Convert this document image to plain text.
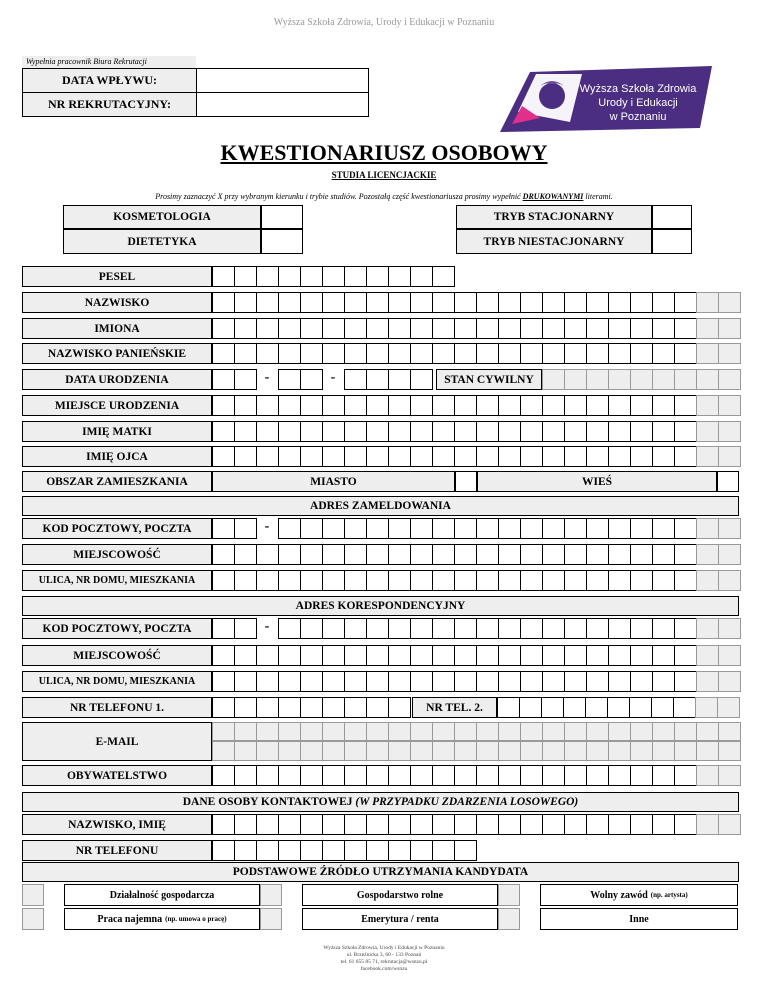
Wyższa Szkoła Zdrowia, Urody i Edukacji w Poznaniu
Wypełnia pracownik Biura Rekrutacji
DATA WPŁYWU:
NR REKRUTACYJNY:
Wyższa Szkoła Zdrowia
Urody i Edukacji
w Poznaniu
KWESTIONARIUSZ OSOBOWY
STUDIA LICENCJACKIE
Prosimy zaznaczyć X przy wybranym kierunku i trybie studiów. Pozostałą część kwestionariusza prosimy wypełnić DRUKOWANYMI literami.
KOSMETOLOGIA
DIETETYKA
TRYB STACJONARNY
TRYB NIESTACJONARNY
PESEL
NAZWISKO
IMIONA
NAZWISKO PANIEŃSKIE
DATA URODZENIA	STAN CYWILNY
MIEJSCE URODZENIA
IMIĘ MATKI
IMIĘ OJCA
OBSZAR ZAMIESZKANIA	MIASTO	WIEŚ
ADRES ZAMELDOWANIA
KOD POCZTOWY, POCZTA
MIEJSCOWOŚĆ
ULICA, NR DOMU, MIESZKANIA
ADRES KORESPONDENCYJNY
KOD POCZTOWY, POCZTA
MIEJSCOWOŚĆ
ULICA, NR DOMU, MIESZKANIA
NR TELEFONU 1.	NR TEL. 2.
E-MAIL
OBYWATELSTWO
DANE OSOBY KONTAKTOWEJ
(W PRZYPADKU ZDARZENIA LOSOWEGO)
NAZWISKO, IMIĘ
NR TELEFONU
PODSTAWOWE ŹRÓDŁO UTRZYMANIA KANDYDATA
Działalność gospodarcza	Gospodarstwo rolne	Wolny zawód (np. artysta)
Praca najemna (np. umowa o pracę)	Emerytura / renta	Inne
Wyższa Szkoła Zdrowia, Urody i Edukacji w Poznaniu
ul. Brzeźnicka 3, 60 - 133 Poznań
tel. 61 655 85 71, rekrutacja@wsnzu.pl
facebook.com/wsnzu
-	-
-
-
